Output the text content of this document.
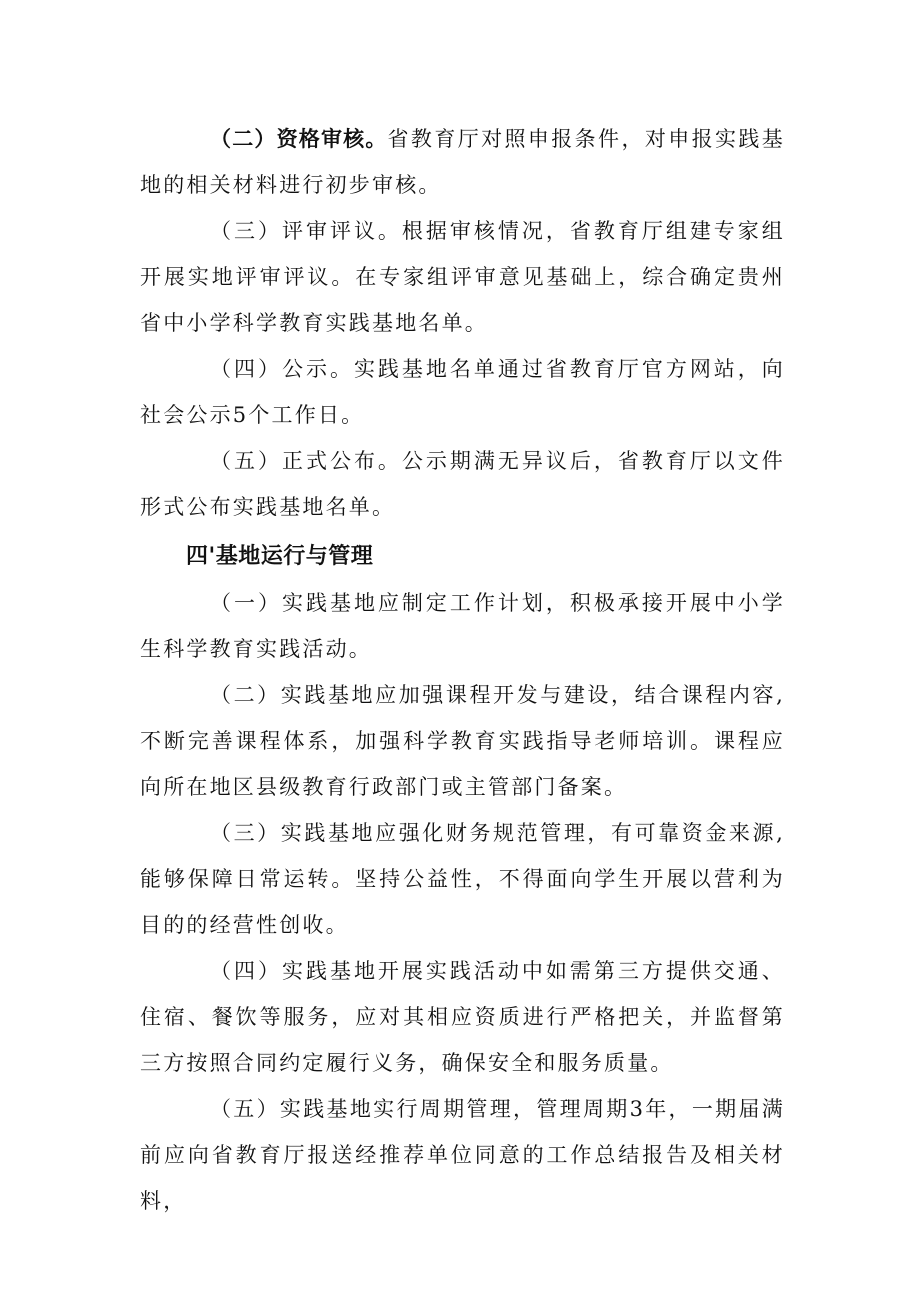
（二）资格审核。省教育厅对照申报条件，对申报实践基地的相关材料进行初步审核。

（三）评审评议。根据审核情况，省教育厅组建专家组开展实地评审评议。在专家组评审意见基础上，综合确定贵州省中小学科学教育实践基地名单。

（四）公示。实践基地名单通过省教育厅官方网站，向社会公示5个工作日。

（五）正式公布。公示期满无异议后，省教育厅以文件形式公布实践基地名单。

四'基地运行与管理

（一）实践基地应制定工作计划，积极承接开展中小学生科学教育实践活动。

（二）实践基地应加强课程开发与建设，结合课程内容,不断完善课程体系，加强科学教育实践指导老师培训。课程应向所在地区县级教育行政部门或主管部门备案。

（三）实践基地应强化财务规范管理，有可靠资金来源,能够保障日常运转。坚持公益性，不得面向学生开展以营利为目的的经营性创收。

（四）实践基地开展实践活动中如需第三方提供交通、住宿、餐饮等服务，应对其相应资质进行严格把关，并监督第三方按照合同约定履行义务，确保安全和服务质量。

（五）实践基地实行周期管理，管理周期3年，一期届满前应向省教育厅报送经推荐单位同意的工作总结报告及相关材料，
